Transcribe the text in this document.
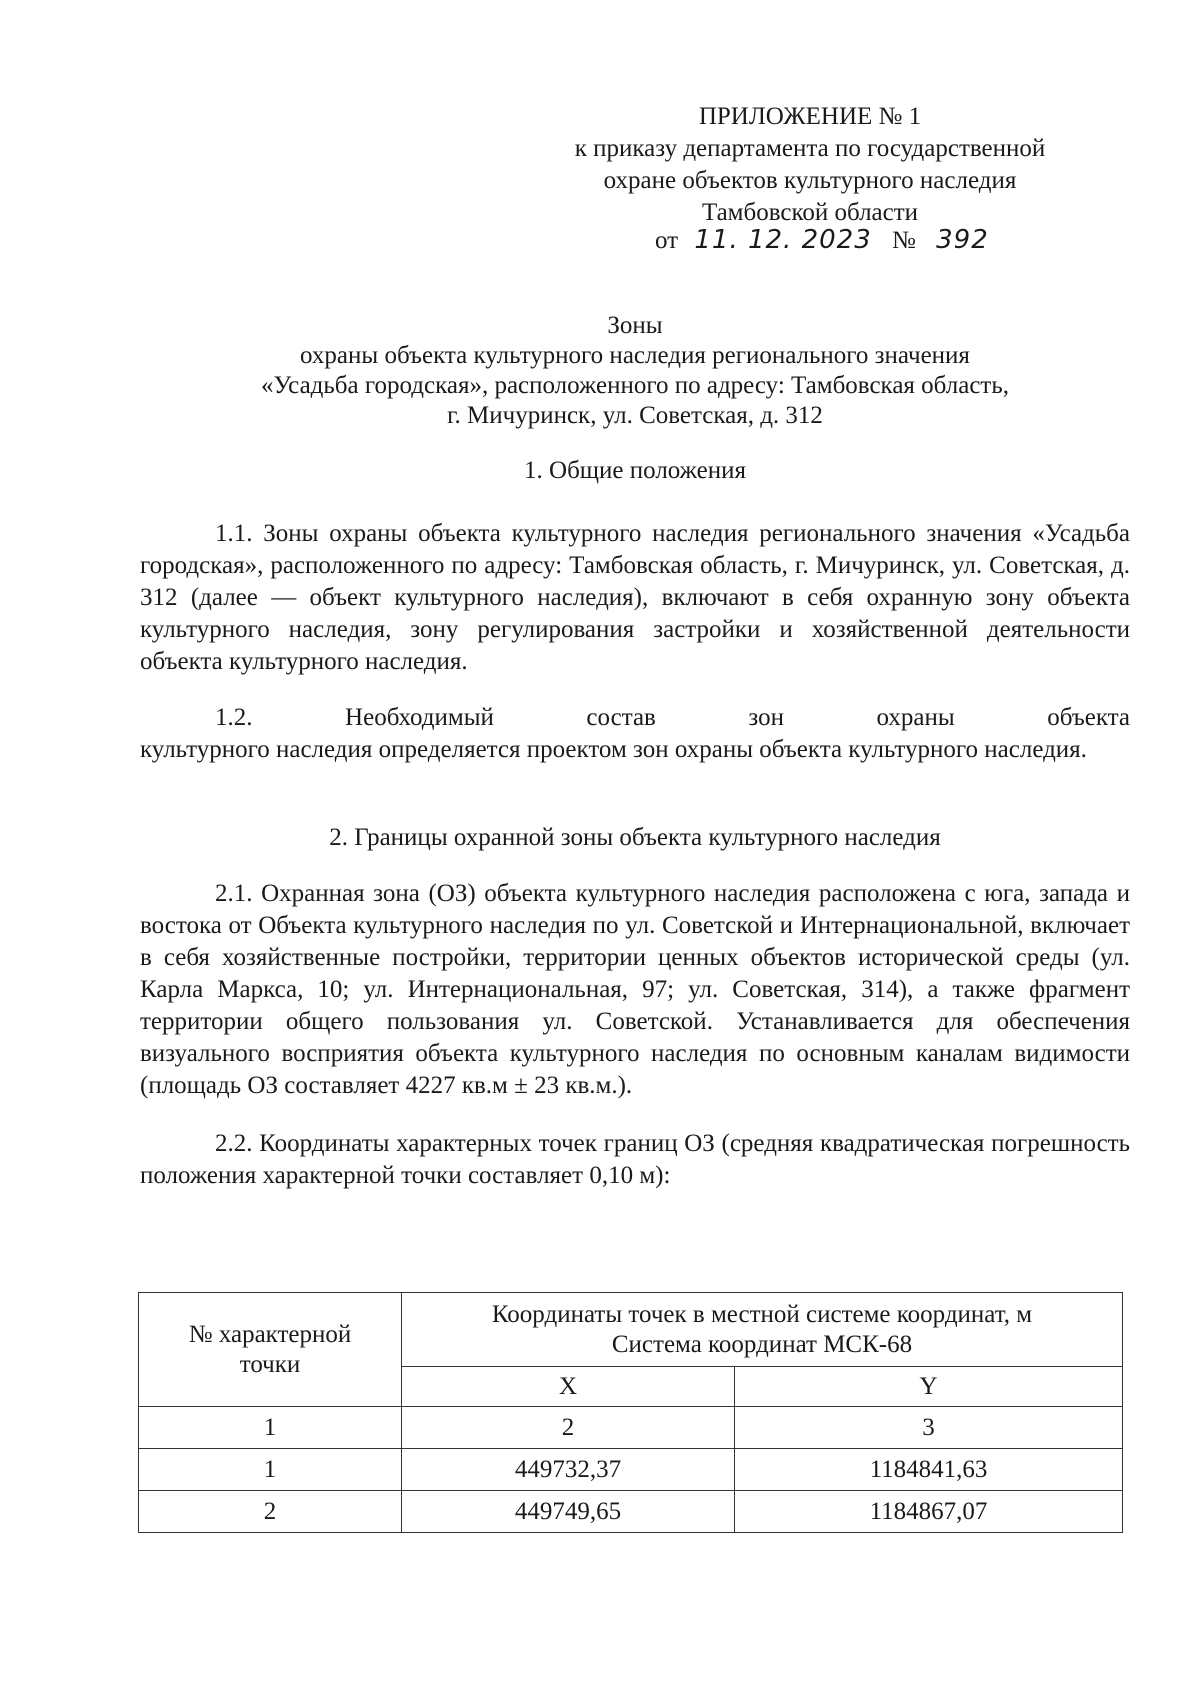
ПРИЛОЖЕНИЕ № 1
к приказу департамента по государственной
охране объектов культурного наследия
Тамбовской области
от 11. 12. 2023 № 392
Зоны
охраны объекта культурного наследия регионального значения
«Усадьба городская», расположенного по адресу: Тамбовская область,
г. Мичуринск, ул. Советская, д. 312
1. Общие положения
1.1. Зоны охраны объекта культурного наследия регионального значения «Усадьба городская», расположенного по адресу: Тамбовская область, г. Мичуринск, ул. Советская, д. 312 (далее — объект культурного наследия), включают в себя охранную зону объекта культурного наследия, зону регулирования застройки и хозяйственной деятельности объекта культурного наследия.
1.2. Необходимый состав зон охраны объекта
культурного наследия определяется проектом зон охраны объекта культурного наследия.
2. Границы охранной зоны объекта культурного наследия
2.1. Охранная зона (ОЗ) объекта культурного наследия расположена с юга, запада и востока от Объекта культурного наследия по ул. Советской и Интернациональной, включает в себя хозяйственные постройки, территории ценных объектов исторической среды (ул. Карла Маркса, 10; ул. Интернациональная, 97; ул. Советская, 314), а также фрагмент территории общего пользования ул. Советской. Устанавливается для обеспечения визуального восприятия объекта культурного наследия по основным каналам видимости (площадь ОЗ составляет 4227 кв.м ± 23 кв.м.).
2.2. Координаты характерных точек границ ОЗ (средняя квадратическая погрешность положения характерной точки составляет 0,10 м):
№ характерной точки	Координаты точек в местной системе координат, м
Система координат МСК-68	

	X	Y
1	2	3
1	449732,37	1184841,63
2	449749,65	1184867,07
